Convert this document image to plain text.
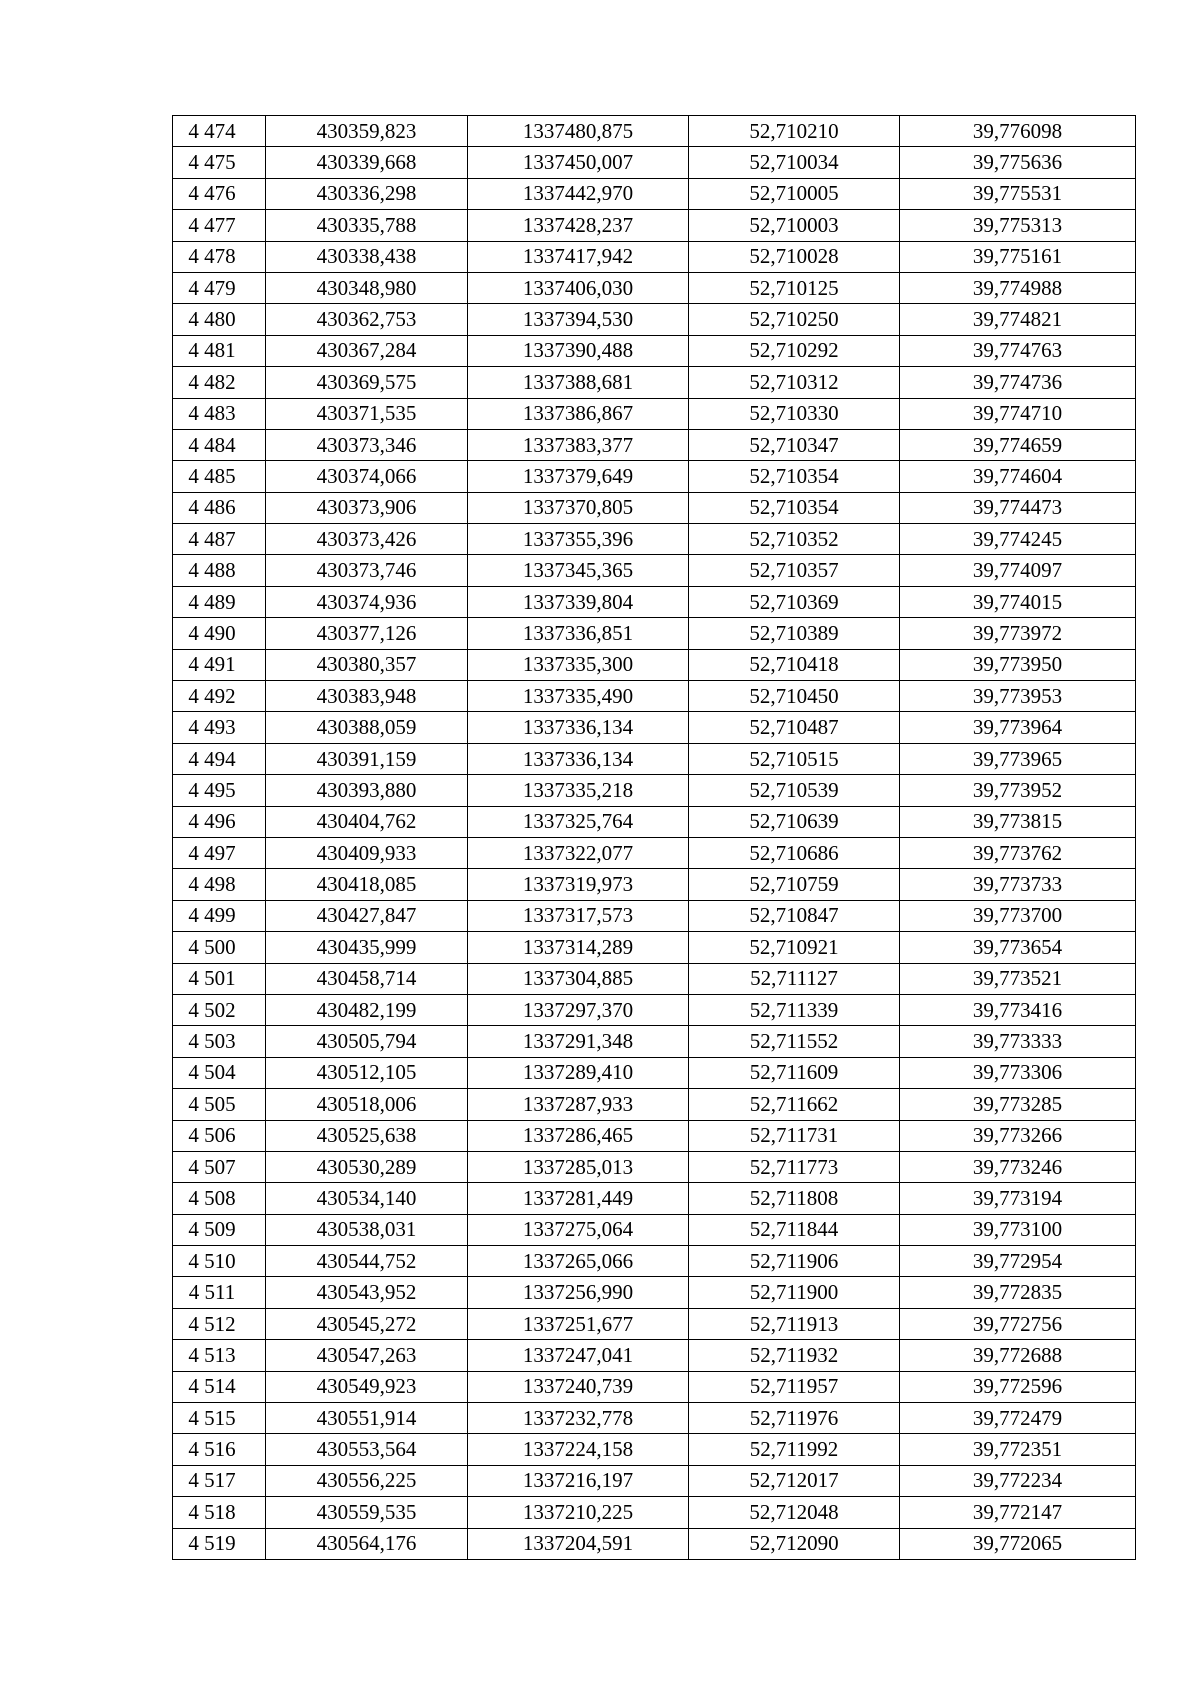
4 474	430359,823	1337480,875	52,710210	39,776098
4 475	430339,668	1337450,007	52,710034	39,775636
4 476	430336,298	1337442,970	52,710005	39,775531
4 477	430335,788	1337428,237	52,710003	39,775313
4 478	430338,438	1337417,942	52,710028	39,775161
4 479	430348,980	1337406,030	52,710125	39,774988
4 480	430362,753	1337394,530	52,710250	39,774821
4 481	430367,284	1337390,488	52,710292	39,774763
4 482	430369,575	1337388,681	52,710312	39,774736
4 483	430371,535	1337386,867	52,710330	39,774710
4 484	430373,346	1337383,377	52,710347	39,774659
4 485	430374,066	1337379,649	52,710354	39,774604
4 486	430373,906	1337370,805	52,710354	39,774473
4 487	430373,426	1337355,396	52,710352	39,774245
4 488	430373,746	1337345,365	52,710357	39,774097
4 489	430374,936	1337339,804	52,710369	39,774015
4 490	430377,126	1337336,851	52,710389	39,773972
4 491	430380,357	1337335,300	52,710418	39,773950
4 492	430383,948	1337335,490	52,710450	39,773953
4 493	430388,059	1337336,134	52,710487	39,773964
4 494	430391,159	1337336,134	52,710515	39,773965
4 495	430393,880	1337335,218	52,710539	39,773952
4 496	430404,762	1337325,764	52,710639	39,773815
4 497	430409,933	1337322,077	52,710686	39,773762
4 498	430418,085	1337319,973	52,710759	39,773733
4 499	430427,847	1337317,573	52,710847	39,773700
4 500	430435,999	1337314,289	52,710921	39,773654
4 501	430458,714	1337304,885	52,711127	39,773521
4 502	430482,199	1337297,370	52,711339	39,773416
4 503	430505,794	1337291,348	52,711552	39,773333
4 504	430512,105	1337289,410	52,711609	39,773306
4 505	430518,006	1337287,933	52,711662	39,773285
4 506	430525,638	1337286,465	52,711731	39,773266
4 507	430530,289	1337285,013	52,711773	39,773246
4 508	430534,140	1337281,449	52,711808	39,773194
4 509	430538,031	1337275,064	52,711844	39,773100
4 510	430544,752	1337265,066	52,711906	39,772954
4 511	430543,952	1337256,990	52,711900	39,772835
4 512	430545,272	1337251,677	52,711913	39,772756
4 513	430547,263	1337247,041	52,711932	39,772688
4 514	430549,923	1337240,739	52,711957	39,772596
4 515	430551,914	1337232,778	52,711976	39,772479
4 516	430553,564	1337224,158	52,711992	39,772351
4 517	430556,225	1337216,197	52,712017	39,772234
4 518	430559,535	1337210,225	52,712048	39,772147
4 519	430564,176	1337204,591	52,712090	39,772065
